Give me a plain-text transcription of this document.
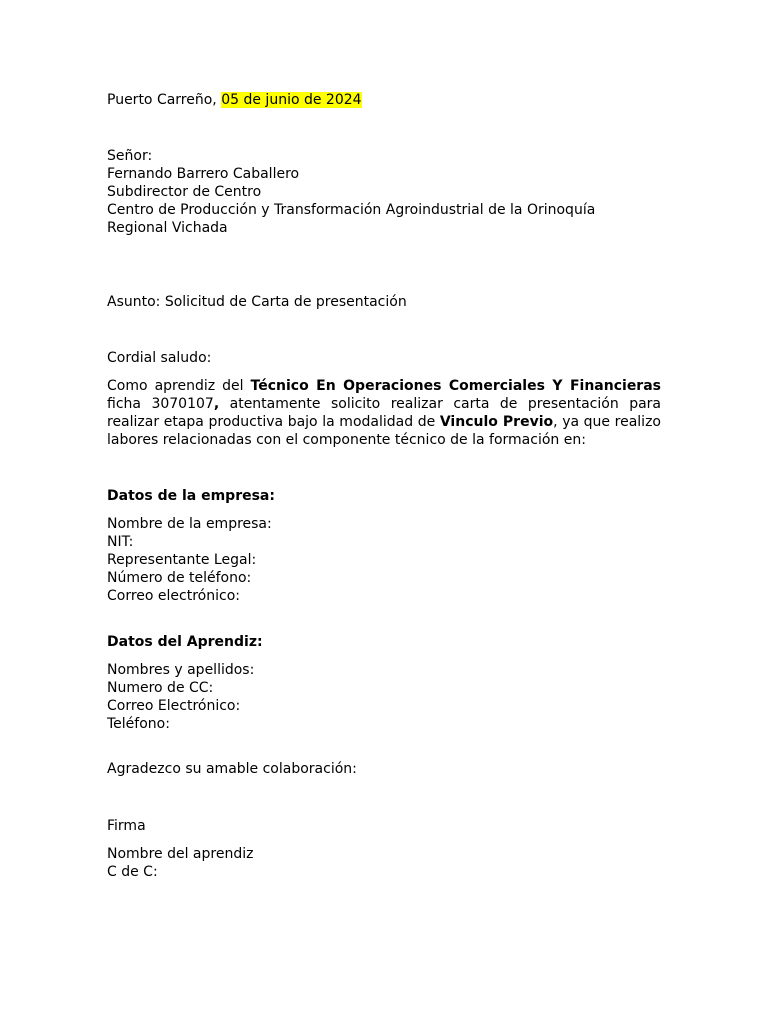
Puerto Carreño, 05 de junio de 2024
Señor:
Fernando Barrero Caballero
Subdirector de Centro
Centro de Producción y Transformación Agroindustrial de la Orinoquía
Regional Vichada
Asunto: Solicitud de Carta de presentación
Cordial saludo:
Como aprendiz del Técnico En Operaciones Comerciales Y Financieras ficha 3070107, atentamente solicito realizar carta de presentación para realizar etapa productiva bajo la modalidad de Vinculo Previo, ya que realizo labores relacionadas con el componente técnico de la formación en:
Datos de la empresa:
Nombre de la empresa:
NIT:
Representante Legal:
Número de teléfono:
Correo electrónico:
Datos del Aprendiz:
Nombres y apellidos:
Numero de CC:
Correo Electrónico:
Teléfono:
Agradezco su amable colaboración:
Firma
Nombre del aprendiz
C de C:
